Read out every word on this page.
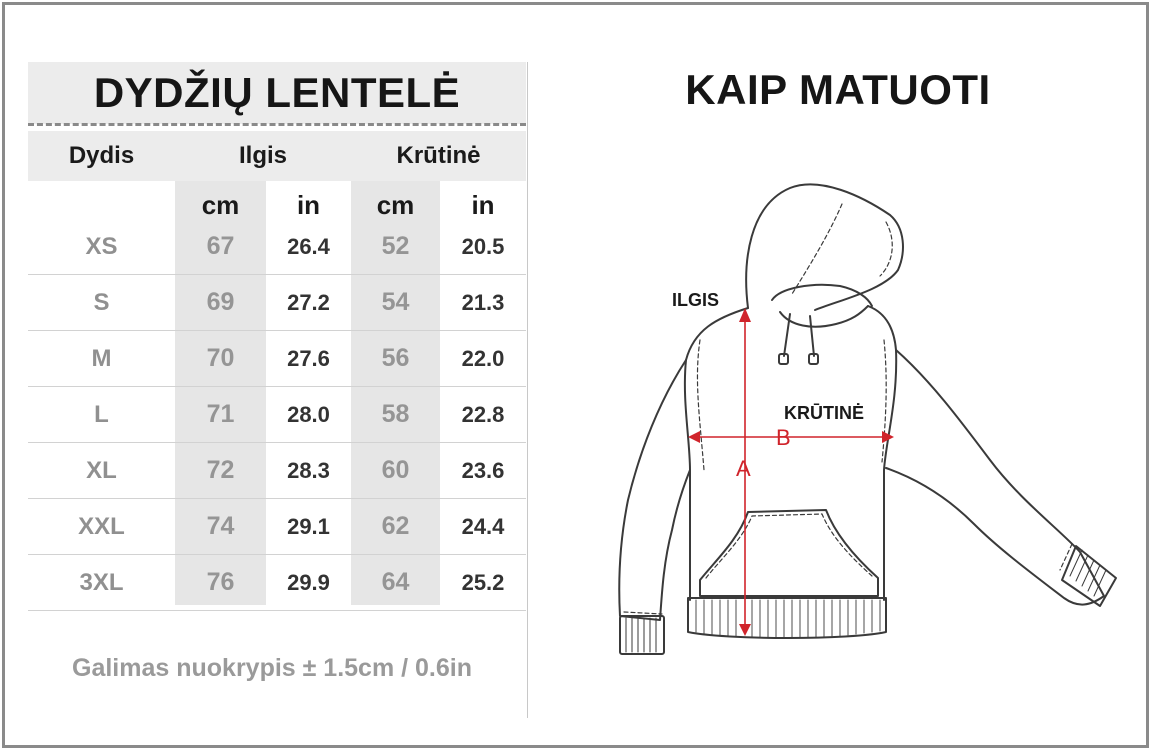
DYDŽIŲ LENTELĖ
Dydis	Ilgis	Krūtinė
cm	in	cm	in
XS	67	26.4	52	20.5
S	69	27.2	54	21.3
M	70	27.6	56	22.0
L	71	28.0	58	22.8
XL	72	28.3	60	23.6
XXL	74	29.1	62	24.4
3XL	76	29.9	64	25.2
Galimas nuokrypis ± 1.5cm / 0.6in
KAIP MATUOTI
ILGIS
KRŪTINĖ
A
B
